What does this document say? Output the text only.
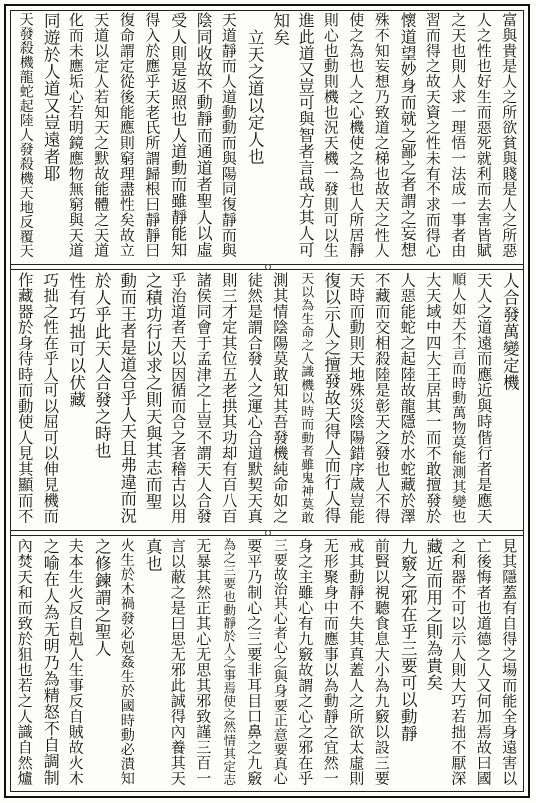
富與貴是人之所欲貧與賤是人之所惡
人之性也好生而惡死就利而去害皆賦
之天也則人求一理悟一法成一事者由
習而得之故天資之性未有不求而得心
懷道望妙身而就之鄙之者謂之妄想
殊不知妄想乃致道之梯也故天之性人
使之為也人之心機使之為也人所居靜
則心也動則機也況天機一發則可以生
進此道又豈可與智者言哉方其人可
知矣
　立天之道以定人也
天道靜而人道動動而與陽同復靜而與
陰同收故不動靜而通道者聖人以虛
受人則是返照也人道動而雖靜能知
得入於應乎天老氏所謂歸根曰靜靜曰
復命謂定從後能應則窮理盡性矣故立
天道以定人若知天之默故能體之天道
化而未應垢心若明鏡應物無窮與天道
同遊於人道又豈遠者耶
天發殺機龍蛇起陸人發殺機天地反覆天
人合發萬變定機
天人之道遠而應近與時偕行者是應天
順人如天不言而時動萬物莫能測其變也
大天域中四大王居其一而不敢擅發於
人惡能蛇之起陸故龍隱於水蛇藏於澤
不藏而交相殺陸是彰天之發也人不得
天時而動則天地殊災陰陽錯序歲豈能
復以示人之擅發故天得人而行人得
天以為生命之人識機以時而動者雖鬼神莫敢
測其情陰陽莫敢知其吾發機純命如之
徒然是謂合發人之運心合道默契天真
則三才定其位五老拱其功却有百八百
諸侯同會于孟津之上豈不謂天人合發
乎治道者天以因循而合之者稽古以用
之積功行以求之則天與其志而聖
動而王者是道合乎人天且弗違而況
於人乎此天人合發之時也
性有巧拙可以伏藏
巧拙之性在乎人可以屈可以伸見機而
作藏器於身待時而動使人見其顯而不
見其隱蓋有自得之場而能全身遠害以
亡後悔者也道德之人又何加焉故曰國
之利器不可以示人則大巧若拙不厭深
藏近而用之則為貴矣
九竅之邪在乎三要可以動靜
前賢以視聽食息大小為九竅以設三要
戒其動靜不失其真蓋人之所欲太虛則
无形聚身中而應事以為動靜之宜然一
身之主雖心有九竅故謂之心之邪在乎
三要故治其心者心之與身要正意要真心
要平乃制心之三要非耳目口鼻之九竅
為之三要也動靜於人之事焉使之然情其定志
无暴其然正其心无思其邪致謹三百一
言以蔽之是曰思无邪此誠得內養其天
真也
火生於木禍發必剋姦生於國時動必潰知
之修鍊謂之聖人
夫本生火反自剋人生事反自賊故火木
之喻在人為无明乃為精怒不自調制
內焚天和而致於狙也若之人識自然爐
